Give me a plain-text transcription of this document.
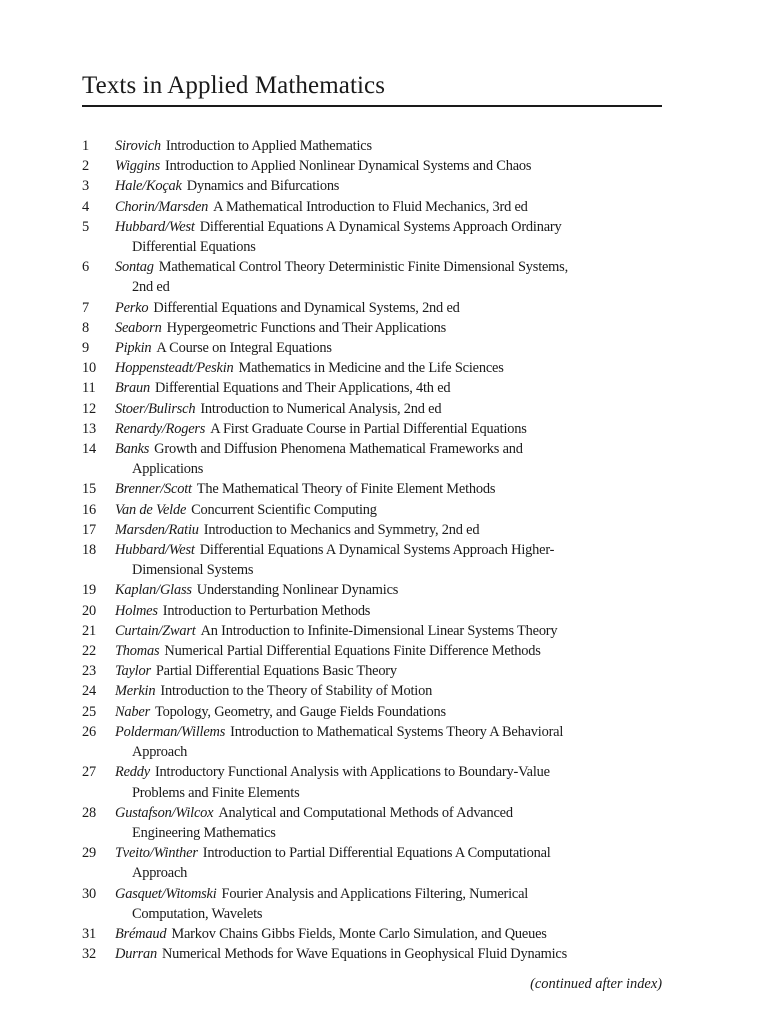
Texts in Applied Mathematics
1	Sirovich Introduction to Applied Mathematics
2	Wiggins Introduction to Applied Nonlinear Dynamical Systems and Chaos
3	Hale/Koçak Dynamics and Bifurcations
4	Chorin/Marsden A Mathematical Introduction to Fluid Mechanics, 3rd ed
5	Hubbard/West Differential Equations A Dynamical Systems Approach Ordinary
Differential Equations
6	Sontag Mathematical Control Theory Deterministic Finite Dimensional Systems,
2nd ed
7	Perko Differential Equations and Dynamical Systems, 2nd ed
8	Seaborn Hypergeometric Functions and Their Applications
9	Pipkin A Course on Integral Equations
10	Hoppensteadt/Peskin Mathematics in Medicine and the Life Sciences
11	Braun Differential Equations and Their Applications, 4th ed
12	Stoer/Bulirsch Introduction to Numerical Analysis, 2nd ed
13	Renardy/Rogers A First Graduate Course in Partial Differential Equations
14	Banks Growth and Diffusion Phenomena Mathematical Frameworks and
Applications
15	Brenner/Scott The Mathematical Theory of Finite Element Methods
16	Van de Velde Concurrent Scientific Computing
17	Marsden/Ratiu Introduction to Mechanics and Symmetry, 2nd ed
18	Hubbard/West Differential Equations A Dynamical Systems Approach Higher-
Dimensional Systems
19	Kaplan/Glass Understanding Nonlinear Dynamics
20	Holmes Introduction to Perturbation Methods
21	Curtain/Zwart An Introduction to Infinite-Dimensional Linear Systems Theory
22	Thomas Numerical Partial Differential Equations Finite Difference Methods
23	Taylor Partial Differential Equations Basic Theory
24	Merkin Introduction to the Theory of Stability of Motion
25	Naber Topology, Geometry, and Gauge Fields Foundations
26	Polderman/Willems Introduction to Mathematical Systems Theory A Behavioral
Approach
27	Reddy Introductory Functional Analysis with Applications to Boundary-Value
Problems and Finite Elements
28	Gustafson/Wilcox Analytical and Computational Methods of Advanced
Engineering Mathematics
29	Tveito/Winther Introduction to Partial Differential Equations A Computational
Approach
30	Gasquet/Witomski Fourier Analysis and Applications Filtering, Numerical
Computation, Wavelets
31	Brémaud Markov Chains Gibbs Fields, Monte Carlo Simulation, and Queues
32	Durran Numerical Methods for Wave Equations in Geophysical Fluid Dynamics
(continued after index)
